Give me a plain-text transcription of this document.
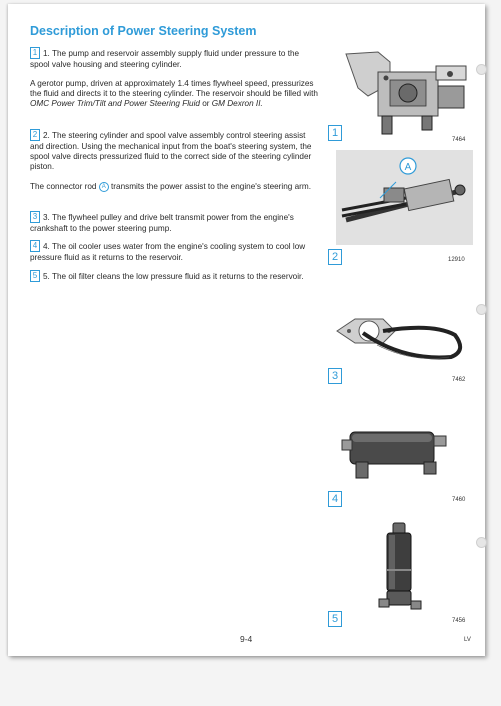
Description of Power Steering System

1 1. The pump and reservoir assembly supply fluid under pressure to the spool valve housing and steering cylinder.

A gerotor pump, driven at approximately 1.4 times flywheel speed, pressurizes the fluid and directs it to the steering cylinder. The reservoir should be filled with OMC Power Trim/Tilt and Power Steering Fluid or GM Dexron II.

2 2. The steering cylinder and spool valve assembly control steering assist and direction. Using the mechanical input from the boat's steering system, the spool valve directs pressurized fluid to the correct side of the steering cylinder piston.

The connector rod A transmits the power assist to the engine's steering arm.

3 3. The flywheel pulley and drive belt transmit power from the engine's crankshaft to the power steering pump.

4 4. The oil cooler uses water from the engine's cooling system to cool low pressure fluid as it returns to the reservoir.

5 5. The oil filter cleans the low pressure fluid as it returns to the reservoir.

1
7464
A
2	12910
3	7462
4	7460
5	7456
9-4	LV
